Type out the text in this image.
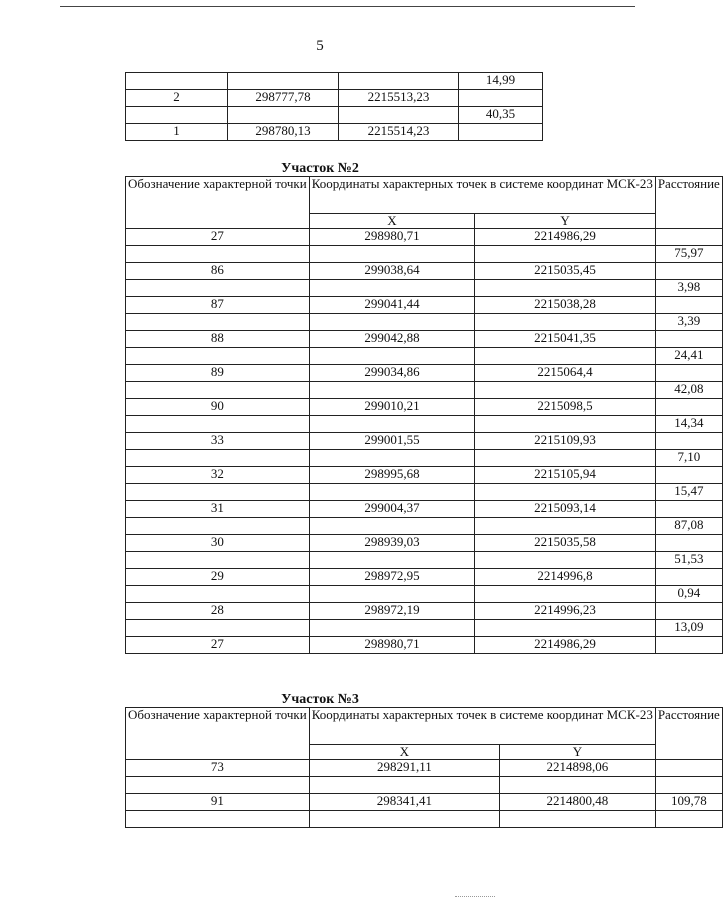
5
			14,99
2	298777,78	2215513,23	
			40,35
1	298780,13	2215514,23	
Участок №2
Обозначение характерной точки	Координаты характерных точек в системе координат МСК-23		Расстояние
	X	Y	
27	298980,71	2214986,29	
			75,97
86	299038,64	2215035,45	
			3,98
87	299041,44	2215038,28	
			3,39
88	299042,88	2215041,35	
			24,41
89	299034,86	2215064,4	
			42,08
90	299010,21	2215098,5	
			14,34
33	299001,55	2215109,93	
			7,10
32	298995,68	2215105,94	
			15,47
31	299004,37	2215093,14	
			87,08
30	298939,03	2215035,58	
			51,53
29	298972,95	2214996,8	
			0,94
28	298972,19	2214996,23	
			13,09
27	298980,71	2214986,29	
Участок №3
Обозначение характерной точки	Координаты характерных точек в системе координат МСК-23		Расстояние
	X	Y	
73	298291,11	2214898,06	

91	298341,41	2214800,48	109,78
